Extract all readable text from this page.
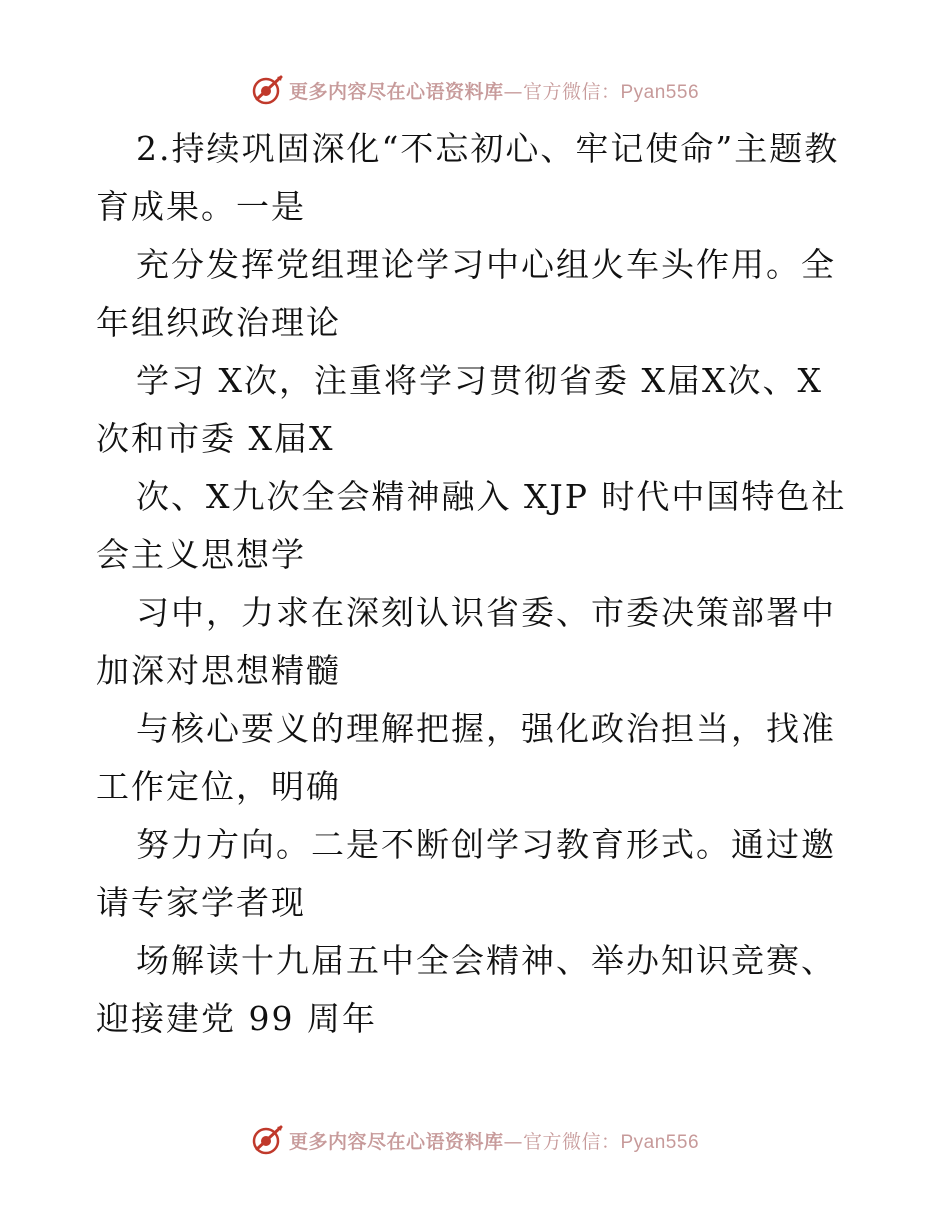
更多内容尽在心语资料库—官方微信：Pyan556

2.持续巩固深化“不忘初心、牢记使命”主题教育成果。一是

充分发挥党组理论学习中心组火车头作用。全年组织政治理论

学习 X次，注重将学习贯彻省委 X届X次、X次和市委 X届X

次、X九次全会精神融入 XJP 时代中国特色社会主义思想学

习中，力求在深刻认识省委、市委决策部署中加深对思想精髓

与核心要义的理解把握，强化政治担当，找准工作定位，明确

努力方向。二是不断创学习教育形式。通过邀请专家学者现

场解读十九届五中全会精神、举办知识竞赛、迎接建党 99 周年

更多内容尽在心语资料库—官方微信：Pyan556
